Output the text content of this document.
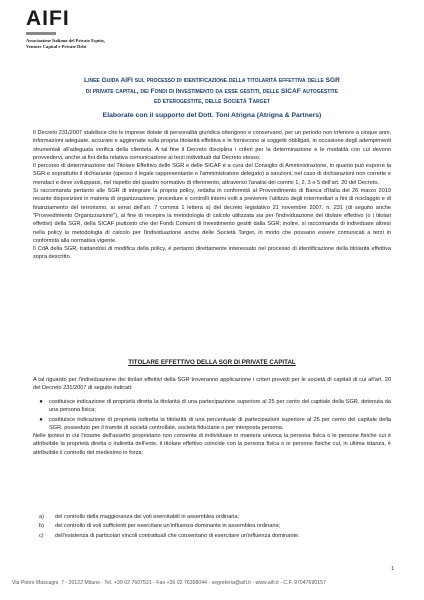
AIFI
Associazione Italiana del Private Equity,
Venture Capital e Private Debt
Linee Guida AIFI sul processo di identificazione della titolarità effettiva delle SGR
di private capital, dei Fondi di Investimento da esse gestiti, delle SICAF autogestite
ed eterogestite, delle Società Target
Elaborate con il supporto del Dott. Toni Atrigna (Atrigna & Partners)

Il Decreto 231/2007 stabilisce che le imprese dotate di personalità giuridica ottengono e conservano, per un periodo non inferiore a cinque anni, informazioni adeguate, accurate e aggiornate sulla propria titolarità effettiva e le forniscono ai soggetti obbligati, in occasione degli adempimenti strumentali all'adeguata verifica della clientela. A tal fine il Decreto disciplina i criteri per la determinazione e le modalità con cui devono provvedervi, anche ai fini della relativa comunicazione ai terzi individuati dal Decreto stesso.

Il percorso di determinazione del Titolare Effettivo delle SGR e delle SICAF è a cura del Consiglio di Amministrazione, in quanto può esporre la SGR e soprattutto il dichiarante (spesso il legale rappresentante o l'amministratore delegato) a sanzioni, nel caso di dichiarazioni non corrette e mendaci e deve svilupparsi, nel rispetto del quadro normativo di riferimento, attraverso l'analisi dei commi 1, 2, 3 e 5 dell'art. 20 del Decreto.

Si raccomanda pertanto alle SGR di integrare la propria policy, redatta in conformità al Provvedimento di Banca d'Italia del 26 marzo 2019 recante disposizioni in materia di organizzazione, procedure e controlli interni volti a prevenire l'utilizzo degli intermediari a fini di riciclaggio e di finanziamento del terrorismo, ai sensi dell'art. 7 comma 1 lettera a) del decreto legislativo 21 novembre 2007, n. 231 (di seguito anche "Provvedimento Organizzazione"), al fine di recepire la metodologia di calcolo utilizzata sia per l'individuazione del titolare effettivo (o i titolari effettivi) della SGR, della SICAF piuttosto che dei Fondi Comuni di Investimento gestiti dalla SGR; inoltre, si raccomanda di individuare altresì nella policy la metodologia di calcolo per l'individuazione anche delle Società Target, in modo che possano essere comunicati a terzi in conformità alla normativa vigente.

Il CdA della SGR, trattandosi di modifica della policy, è pertanto direttamente interessato nel processo di identificazione della titolarità effettiva sopra descritto.

TITOLARE EFFETTIVO DELLA SGR DI PRIVATE CAPITAL
A tal riguardo per l'individuazione dei titolari effettivi della SGR troveranno applicazione i criteri previsti per le società di capitali di cui all'art. 20 del Decreto 231/2007 di seguito indicati:
●	costituisce indicazione di proprietà diretta la titolarità di una partecipazione superiore al 25 per cento del capitale della SGR, detenuta da una persona fisica;
●	costituisce indicazione di proprietà indiretta la titolarità di una percentuale di partecipazioni superiore al 25 per cento del capitale della SGR, posseduto per il tramite di società controllate, società fiduciarie o per interposta persona.

Nelle ipotesi in cui l'esame dell'assetto proprietario non consenta di individuare in maniera univoca la persona fisica o le persone fisiche cui è attribuibile la proprietà diretta o indiretta dell'ente, il titolare effettivo coincide con la persona fisica o le persone fisiche cui, in ultima istanza, è attribuibile il controllo del medesimo in forza:

a)	del controllo della maggioranza dei voti esercitabili in assemblea ordinaria;
b)	del controllo di voti sufficienti per esercitare un'influenza dominante in assemblea ordinaria;
c)	dell'esistenza di particolari vincoli contrattuali che consentano di esercitare un'influenza dominante.
1
Via Pietro Mascagni, 7 - 20122 Milano - Tel. +39 02 7607531 - Fax +39 02 76398044 - segreteria@aifi.it - www.aifi.it - C.F. 97047690157
